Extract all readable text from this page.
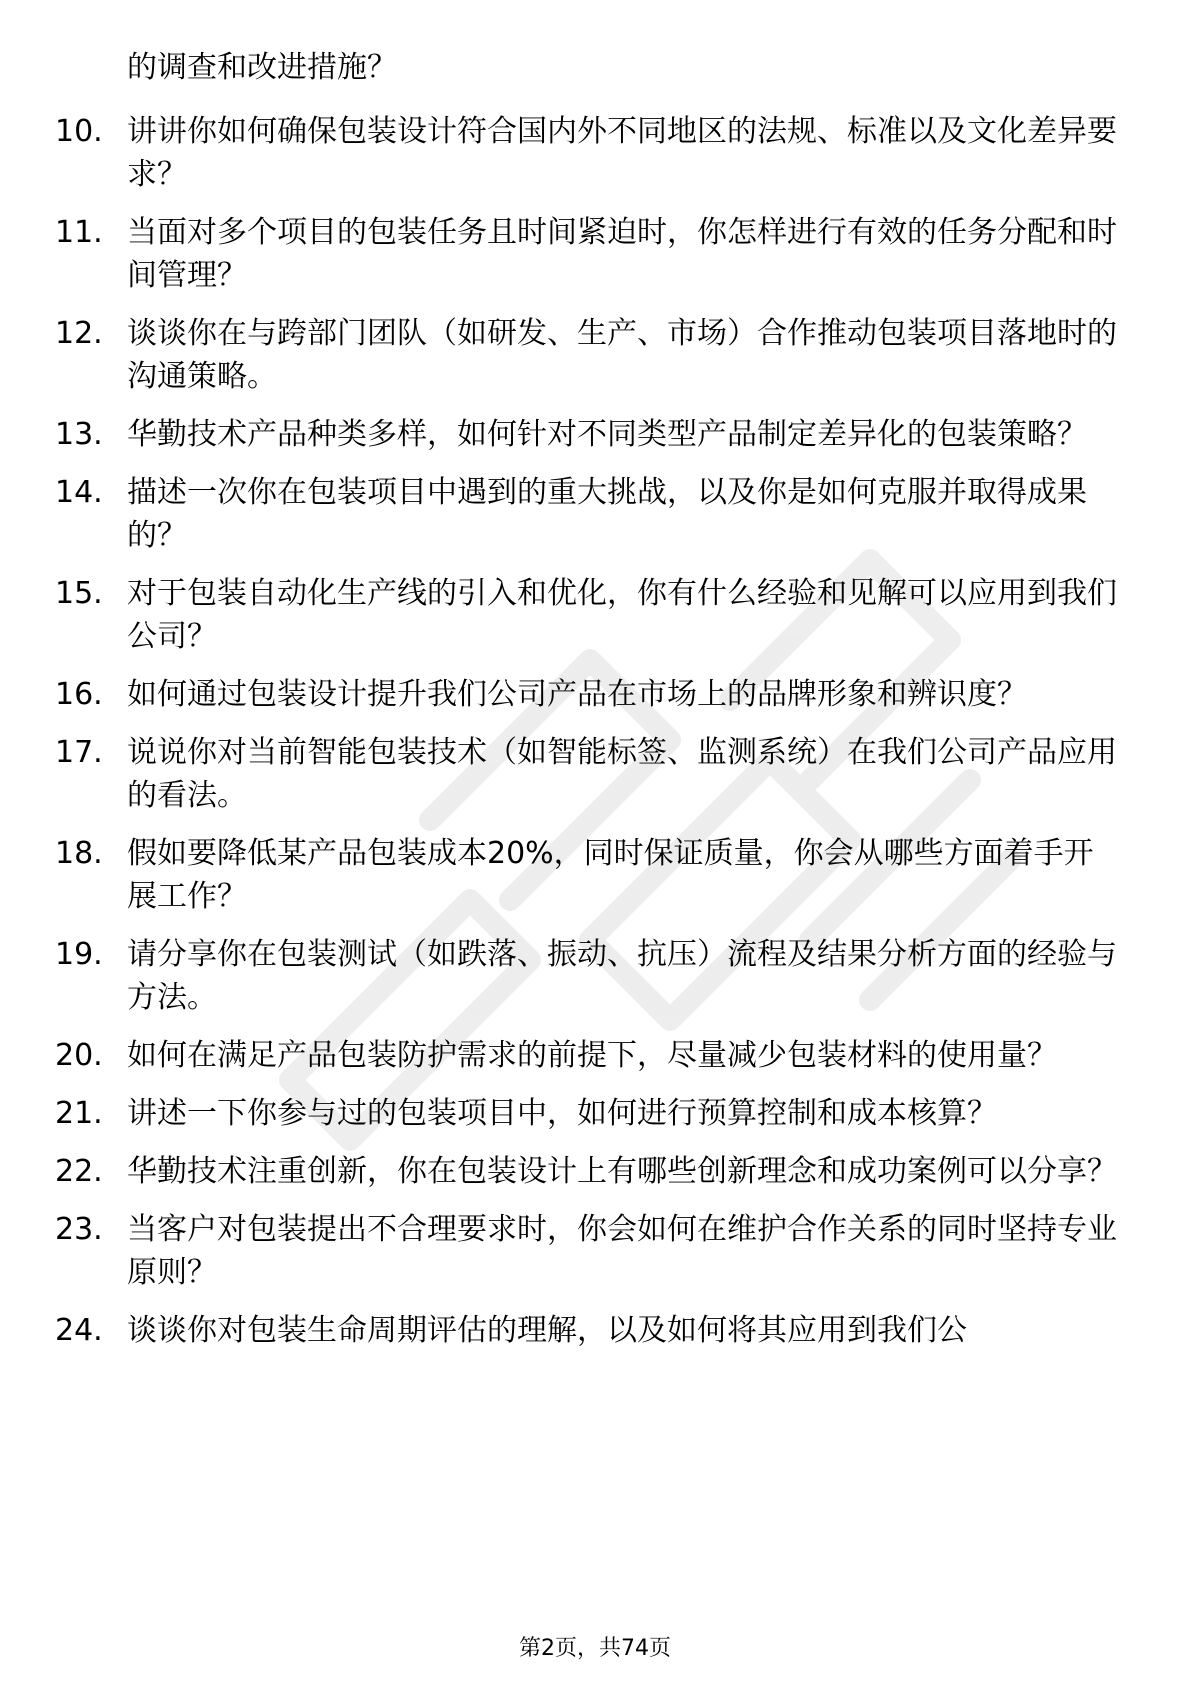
的调查和改进措施？
10. 讲讲你如何确保包装设计符合国内外不同地区的法规、标准以及文化差异要求？
11. 当面对多个项目的包装任务且时间紧迫时，你怎样进行有效的任务分配和时间管理？
12. 谈谈你在与跨部门团队（如研发、生产、市场）合作推动包装项目落地时的沟通策略。
13. 华勤技术产品种类多样，如何针对不同类型产品制定差异化的包装策略？
14. 描述一次你在包装项目中遇到的重大挑战，以及你是如何克服并取得成果的？
15. 对于包装自动化生产线的引入和优化，你有什么经验和见解可以应用到我们公司？
16. 如何通过包装设计提升我们公司产品在市场上的品牌形象和辨识度？
17. 说说你对当前智能包装技术（如智能标签、监测系统）在我们公司产品应用的看法。
18. 假如要降低某产品包装成本20%，同时保证质量，你会从哪些方面着手开展工作？
19. 请分享你在包装测试（如跌落、振动、抗压）流程及结果分析方面的经验与方法。
20. 如何在满足产品包装防护需求的前提下，尽量减少包装材料的使用量？
21. 讲述一下你参与过的包装项目中，如何进行预算控制和成本核算？
22. 华勤技术注重创新，你在包装设计上有哪些创新理念和成功案例可以分享？
23. 当客户对包装提出不合理要求时，你会如何在维护合作关系的同时坚持专业原则？
24. 谈谈你对包装生命周期评估的理解，以及如何将其应用到我们公
第2页，共74页
